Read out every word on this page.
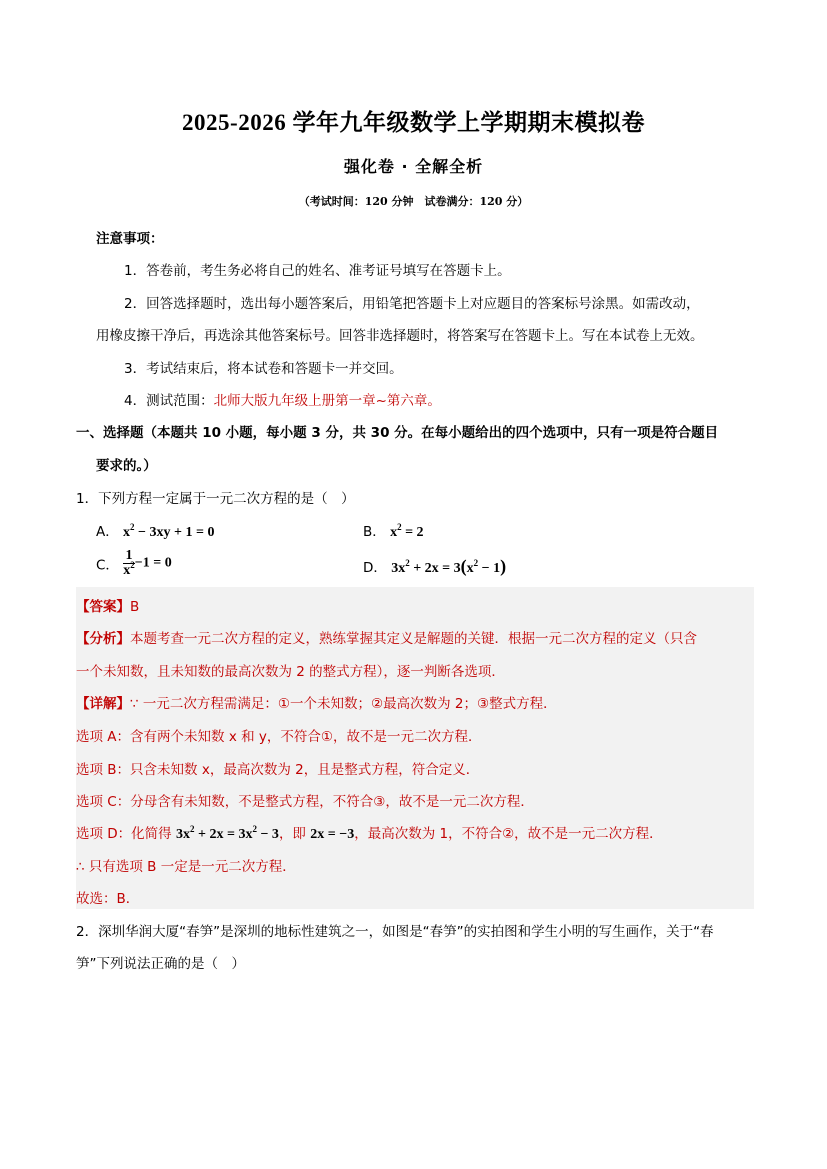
2025-2026 学年九年级数学上学期期末模拟卷
强化卷 · 全解全析
（考试时间：120 分钟　试卷满分：120 分）
注意事项：
1．答卷前，考生务必将自己的姓名、准考证号填写在答题卡上。
2．回答选择题时，选出每小题答案后，用铅笔把答题卡上对应题目的答案标号涂黑。如需改动，
用橡皮擦干净后，再选涂其他答案标号。回答非选择题时，将答案写在答题卡上。写在本试卷上无效。
3．考试结束后，将本试卷和答题卡一并交回。
4．测试范围：北师大版九年级上册第一章~第六章。
一、选择题（本题共 10 小题，每小题 3 分，共 30 分。在每小题给出的四个选项中，只有一项是符合题目
要求的。）
1．下列方程一定属于一元二次方程的是（　）
A． $x^2 - 3xy + 1 = 0$	B． $x^2 = 2$
C． $\frac{1}{x^2} -1 = 0$	D． $3x^2 + 2x = 3(x^2 - 1)$
【答案】B
【分析】本题考查一元二次方程的定义，熟练掌握其定义是解题的关键．根据一元二次方程的定义（只含
一个未知数，且未知数的最高次数为 2 的整式方程），逐一判断各选项．
【详解】∵ 一元二次方程需满足：①一个未知数；②最高次数为 2；③整式方程．
选项 A：含有两个未知数 x 和 y，不符合①，故不是一元二次方程．
选项 B：只含未知数 x，最高次数为 2，且是整式方程，符合定义．
选项 C：分母含有未知数，不是整式方程，不符合③，故不是一元二次方程．
选项 D：化简得 $3x^2 + 2x = 3x^2 - 3$，即 2x = −3，最高次数为 1，不符合②，故不是一元二次方程．
∴ 只有选项 B 一定是一元二次方程．
故选：B．
2．深圳华润大厦“春笋”是深圳的地标性建筑之一，如图是“春笋”的实拍图和学生小明的写生画作，关于“春
笋”下列说法正确的是（　）
